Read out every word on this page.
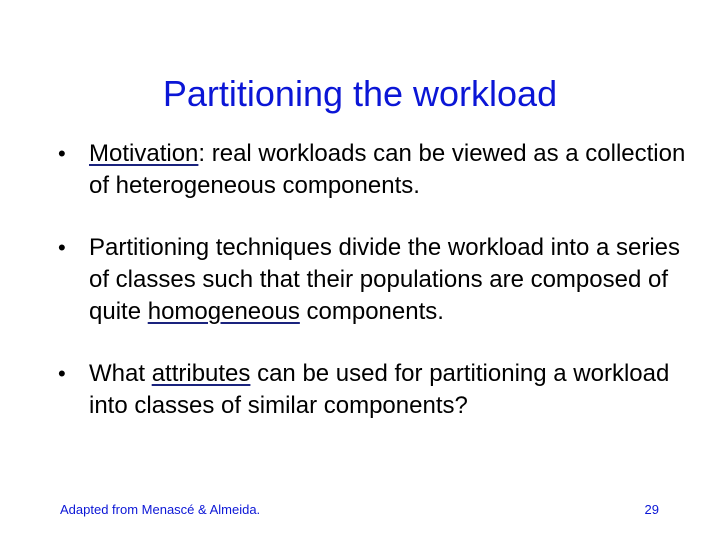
Partitioning the workload
• Motivation: real workloads can be viewed as a collection of heterogeneous components.
• Partitioning techniques divide the workload into a series of classes such that their populations are composed of quite homogeneous components.
• What attributes can be used for partitioning a workload into classes of similar components?
Adapted from Menascé & Almeida.	29
